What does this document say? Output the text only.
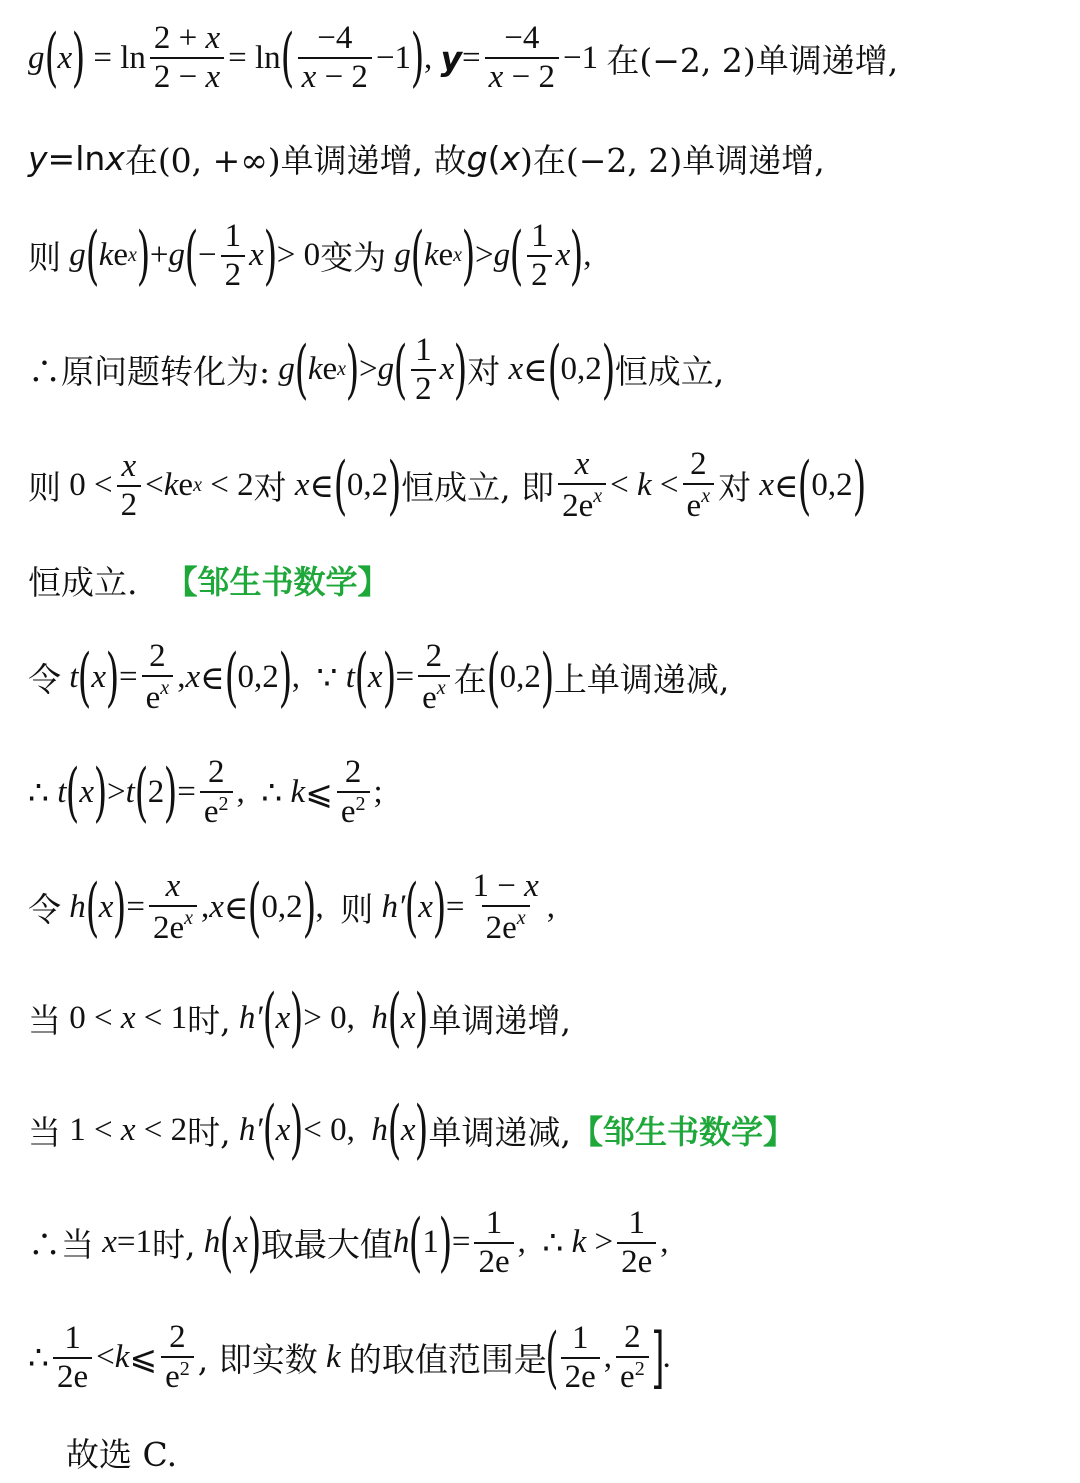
g ( x ) = $\ln \frac{2 + x}{2 - x} = \ln$ ( $\frac{-4}{x - 2} -1$ ) , $y = \frac{-4}{x - 2} -1$ 在(−2, 2)单调递增,
y= ln x 在(0, +∞)单调递增, 故 g ( x )在(−2, 2)单调递增,
则 g ( k e x ) + g ( − $\frac{1}{2}$ x ) > 0 变为 g ( k e x ) > g ( $\frac{1}{2}$ x ) ,
∴原问题转化为: g ( k e x ) > g ( $\frac{1}{2}$ x ) 对 x ∈ ( 0,2 ) 恒成立,
则 $0 < \frac{x}{2} < k$ e x < 2 对 x ∈ ( 0,2 ) 恒成立, 即 $\frac{x}{2e^x} < k < \frac{2}{e^x}$ 对 x ∈ ( 0,2 )
恒成立. 【邹生书数学】
令 t ( x ) = $\frac{2}{e^x}$ , x ∈ ( 0,2 ) , ∵ t ( x ) = $\frac{2}{e^x}$ 在 ( 0,2 ) 上单调递减,
∴ t ( x ) > t ( 2 ) = $\frac{2}{e^2}$ , ∴ k ⩽ $\frac{2}{e^2}$ ;
令 h ( x ) = $\frac{x}{2e^x}$ , x ∈ ( 0,2 ) , 则 h′ ( x ) = $\frac{1 - x}{2e^x}$ ,
当 0 < x < 1 时, h′ ( x ) > 0, h ( x ) 单调递增,
当 1 < x < 2 时, h′ ( x ) < 0, h ( x ) 单调递减, 【邹生书数学】
∴当 x =1 时, h ( x ) 取最大值 h ( 1 ) = $\frac{1}{2e}$ , ∴ $k > \frac{1}{2e}$ ,
∴ $\frac{1}{2e} < k$ ⩽ $\frac{2}{e^2}$ , 即实数 k 的取值范围是
( $\frac{1}{2e}$ , $\frac{2}{e^2}$ ]
.
故选 C.
